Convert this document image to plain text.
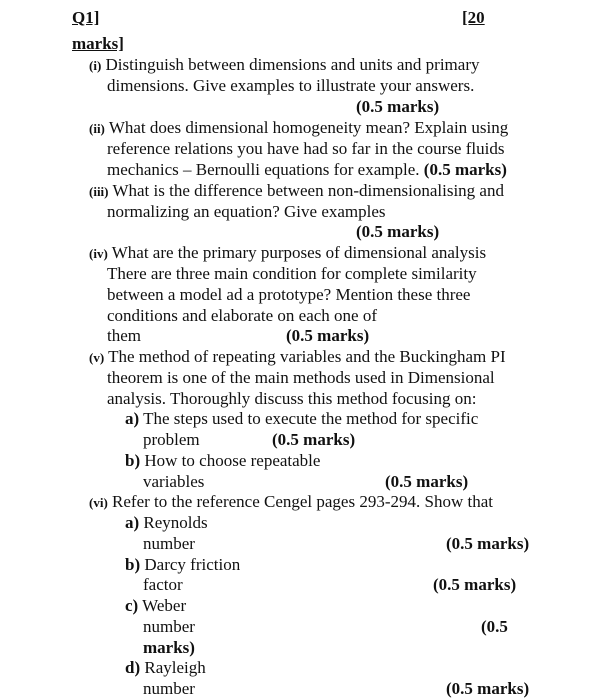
Q1]	[20
marks]
(i) Distinguish between dimensions and units and primary
dimensions. Give examples to illustrate your answers.
(0.5 marks)
(ii) What does dimensional homogeneity mean? Explain using
reference relations you have had so far in the course fluids
mechanics – Bernoulli equations for example. (0.5 marks)
(iii) What is the difference between non-dimensionalising and
normalizing an equation? Give examples
(0.5 marks)
(iv) What are the primary purposes of dimensional analysis
There are three main condition for complete similarity
between a model ad a prototype? Mention these three
conditions and elaborate on each one of
them	(0.5 marks)
(v) The method of repeating variables and the Buckingham PI
theorem is one of the main methods used in Dimensional
analysis. Thoroughly discuss this method focusing on:
a) The steps used to execute the method for specific
problem	(0.5 marks)
b) How to choose repeatable
variables	(0.5 marks)
(vi) Refer to the reference Cengel pages 293-294. Show that
a) Reynolds
number	(0.5 marks)
b) Darcy friction
factor	(0.5 marks)
c) Weber
number	(0.5
marks)
d) Rayleigh
number	(0.5 marks)
